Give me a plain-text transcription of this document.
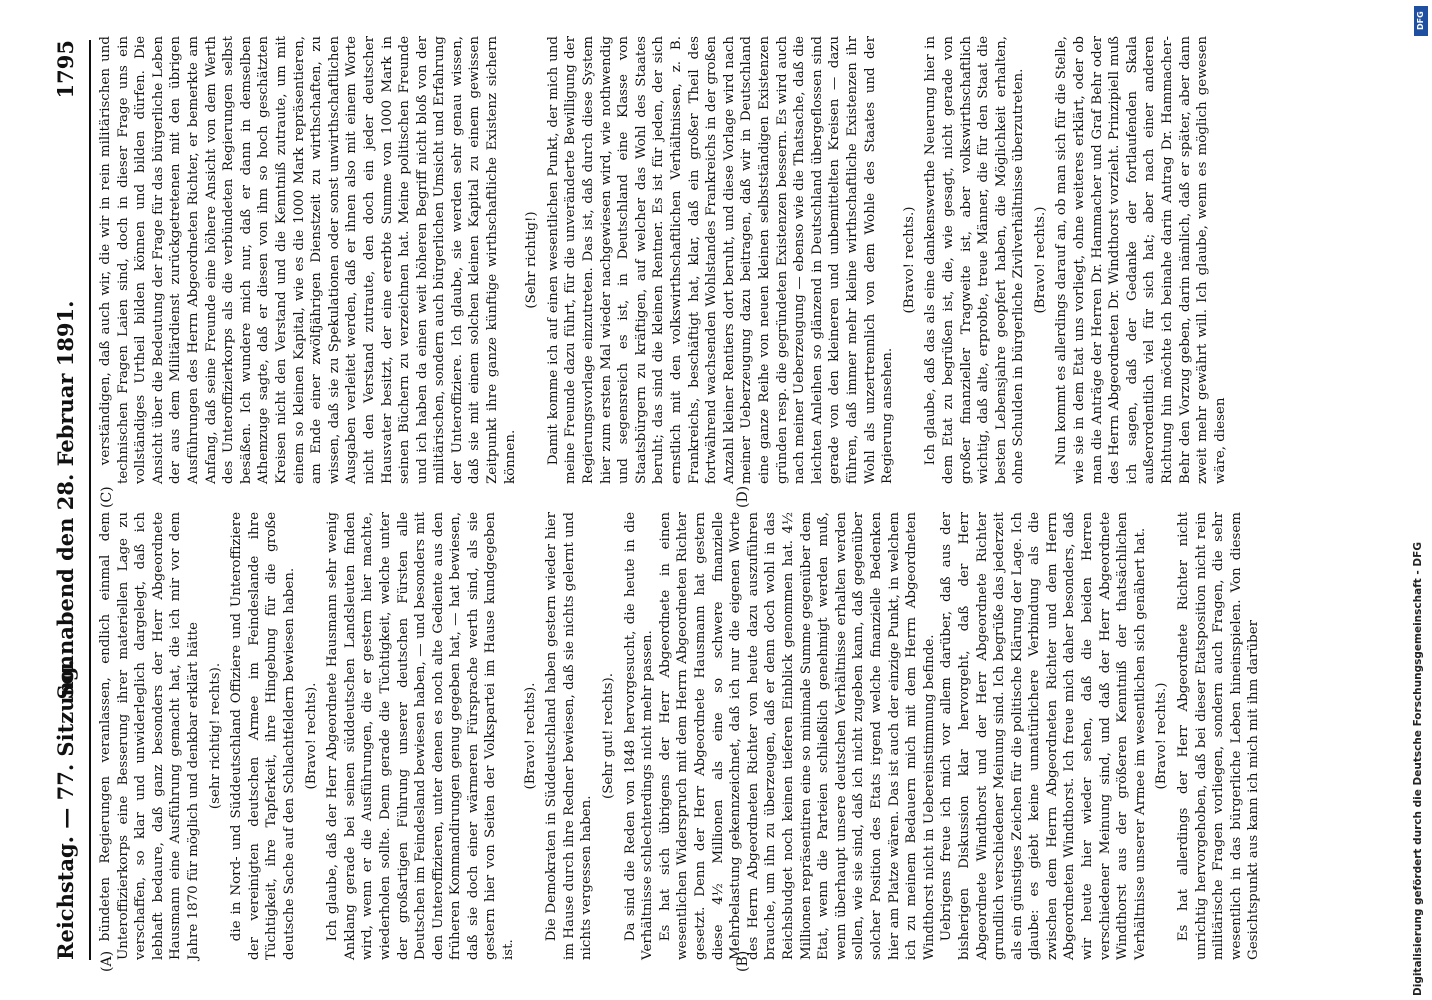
Reichstag. — 77. Sitzung.
Sonnabend den 28. Februar 1891.
1795

bündeten Regierungen veranlassen, endlich einmal dem Unteroffizierkorps eine Besserung ihrer materiellen Lage zu verschaffen, so klar und unwiderleglich dargelegt, daß ich lebhaft bedaure, daß ganz besonders der Herr Abgeordnete Hausmann eine Ausführung gemacht hat, die ich mir vor dem Jahre 1870 für möglich und denkbar erklärt hätte (sehr richtig! rechts). die in Nord- und Süddeutschland Offiziere und Unteroffiziere der vereinigten deutschen Armee im Feindeslande ihre Tüchtigkeit, ihre Tapferkeit, ihre Hingebung für die große deutsche Sache auf den Schlachtfeldern bewiesen haben. (Bravo! rechts). Ich glaube, daß der Herr Abgeordnete Hausmann sehr wenig Anklang gerade bei seinen süddeutschen Landsleuten finden wird, wenn er die Ausführungen, die er gestern hier machte, wiederholen sollte. Denn gerade die Tüchtigkeit, welche unter der großartigen Führung unserer deutschen Fürsten alle Deutschen im Feindesland bewiesen haben, — und besonders mit den Unteroffizieren, unter denen es noch alte Gediente aus den früheren Kommandirungen genug gegeben hat, — hat bewiesen, daß sie doch einer wärmeren Fürsprache werth sind, als sie gestern hier von Seiten der Volkspartei im Hause kundgegeben ist.

(Bravo! rechts). Die Demokraten in Süddeutschland haben gestern wieder hier im Hause durch ihre Redner bewiesen, daß sie nichts gelernt und nichts vergessen haben.

(Sehr gut! rechts). Da sind die Reden von 1848 hervorgesucht, die heute in die Verhältnisse schlechterdings nicht mehr passen. Es hat sich übrigens der Herr Abgeordnete in einen wesentlichen Widerspruch mit dem Herrn Abgeordneten Richter gesetzt. Denn der Herr Abgeordnete Hausmann hat gestern diese 4½ Millionen als eine so schwere finanzielle Mehrbelastung gekennzeichnet, daß ich nur die eigenen Worte des Herrn Abgeordneten Richter von heute dazu auszuführen brauche, um ihn zu überzeugen, daß er denn doch wohl in das Reichsbudget noch keinen tieferen Einblick genommen hat. 4½ Millionen repräsentiren eine so minimale Summe gegenüber dem Etat, wenn die Parteien schließlich genehmigt werden muß, wenn überhaupt unsere deutschen Verhältnisse erhalten werden sollen, wie sie sind, daß ich nicht zugeben kann, daß gegenüber solcher Position des Etats irgend welche finanzielle Bedenken hier am Platze wären. Das ist auch der einzige Punkt, in welchem ich zu meinem Bedauern mich mit dem Herrn Abgeordneten Windthorst nicht in Uebereinstimmung befinde. Uebrigens freue ich mich vor allem darüber, daß aus der bisherigen Diskussion klar hervorgeht, daß der Herr Abgeordnete Windthorst und der Herr Abgeordnete Richter grundlich verschiedener Meinung sind. Ich begrüße das jederzeit als ein günstiges Zeichen für die politische Klärung der Lage. Ich glaube: es giebt keine unnatürlichere Verbindung als die zwischen dem Herrn Abgeordneten Richter und dem Herrn Abgeordneten Windthorst. Ich freue mich daher besonders, daß wir heute hier wieder sehen, daß die beiden Herren verschiedener Meinung sind, und daß der Herr Abgeordnete Windthorst aus der größeren Kenntniß der thatsächlichen Verhältnisse unserer Armee im wesentlichen sich genähert hat. (Bravo! rechts.) Es hat allerdings der Herr Abgeordnete Richter nicht unrichtig hervorgehoben, daß bei dieser Etatsposition nicht rein militärische Fragen vorliegen, sondern auch Fragen, die sehr wesentlich in das bürgerliche Leben hineinspielen. Von diesem Gesichtspunkt aus kann ich mich mit ihm darüber

verständigen, daß auch wir, die wir in rein militärischen und technischen Fragen Laien sind, doch in dieser Frage uns ein vollständiges Urtheil bilden können und bilden dürfen. Die Ansicht über die Bedeutung der Frage für das bürgerliche Leben der aus dem Militärdienst zurückgetretenen mit den übrigen Ausführungen des Herrn Abgeordneten Richter, er bemerkte am Anfang, daß seine Freunde eine höhere Ansicht von dem Werth des Unteroffizierkorps als die verbündeten Regierungen selbst besäßen. Ich wundere mich nur, daß er dann in demselben Athemzuge sagte, daß er diesen von ihm so hoch geschätzten Kreisen nicht den Verstand und die Kenntniß zutraute, um mit einem so kleinen Kapital, wie es die 1000 Mark repräsentieren, am Ende einer zwölfjährigen Dienstzeit zu wirthschaften, zu wissen, daß sie zu Spekulationen oder sonst unwirthschaftlichen Ausgaben verleitet werden, daß er ihnen also mit einem Worte nicht den Verstand zutraute, den doch ein jeder deutscher Hausvater besitzt, der eine ererbte Summe von 1000 Mark in seinen Büchern zu verzeichnen hat. Meine politischen Freunde und ich haben da einen weit höheren Begriff nicht bloß von der militärischen, sondern auch bürgerlichen Umsicht und Erfahrung der Unteroffiziere. Ich glaube, sie werden sehr genau wissen, daß sie mit einem solchen kleinen Kapital zu einem gewissen Zeitpunkt ihre ganze künftige wirthschaftliche Existenz sichern können.

(Sehr richtig!) Damit komme ich auf einen wesentlichen Punkt, der mich und meine Freunde dazu führt, für die unveränderte Bewilligung der Regierungsvorlage einzutreten. Das ist, daß durch diese System hier zum ersten Mal wieder nachgewiesen wird, wie nothwendig und segensreich es ist, in Deutschland eine Klasse von Staatsbürgern zu kräftigen, auf welcher das Wohl des Staates beruht; das sind die kleinen Rentner. Es ist für jeden, der sich ernstlich mit den volkswirthschaftlichen Verhältnissen, z. B. Frankreichs, beschäftigt hat, klar, daß ein großer Theil des fortwährend wachsenden Wohlstandes Frankreichs in der großen Anzahl kleiner Rentiers dort beruht, und diese Vorlage wird nach meiner Ueberzeugung dazu beitragen, daß wir in Deutschland eine ganze Reihe von neuen kleinen selbstständigen Existenzen gründen resp. die gegründeten Existenzen bessern. Es wird auch nach meiner Ueberzeugung — ebenso wie die Thatsache, daß die leichten Anleihen so glänzend in Deutschland übergeflossen sind gerade von den kleineren und unbemittelten Kreisen — dazu führen, daß immer mehr kleine wirthschaftliche Existenzen ihr Wohl als unzertrennlich von dem Wohle des Staates und der Regierung ansehen.

(Bravo! rechts.) Ich glaube, daß das als eine dankenswerthe Neuerung hier in dem Etat zu begrüßen ist, die, wie gesagt, nicht gerade von großer finanzieller Tragweite ist, aber volkswirthschaftlich wichtig, daß alte, erprobte, treue Männer, die für den Staat die besten Lebensjahre geopfert haben, die Möglichkeit erhalten, ohne Schulden in bürgerliche Zivilverhältnisse überzutreten. (Bravo! rechts.) Nun kommt es allerdings darauf an, ob man sich für die Stelle, wie sie in dem Etat uns vorliegt, ohne weiteres erklärt, oder ob man die Anträge der Herren Dr. Hammacher und Graf Behr oder des Herrn Abgeordneten Dr. Windthorst vorzieht. Prinzipiell muß ich sagen, daß der Gedanke der fortlaufenden Skala außerordentlich viel für sich hat; aber nach einer anderen Richtung hin möchte ich beinahe darin Antrag Dr. Hammacher-Behr den Vorzug geben, darin nämlich, daß er später, aber dann zweit mehr gewährt will. Ich glaube, wenn es möglich gewesen wäre, diesen

(A)	(B)
(C)	(D)
DFG
Digitalisierung gefördert durch die Deutsche Forschungsgemeinschaft - DFG
